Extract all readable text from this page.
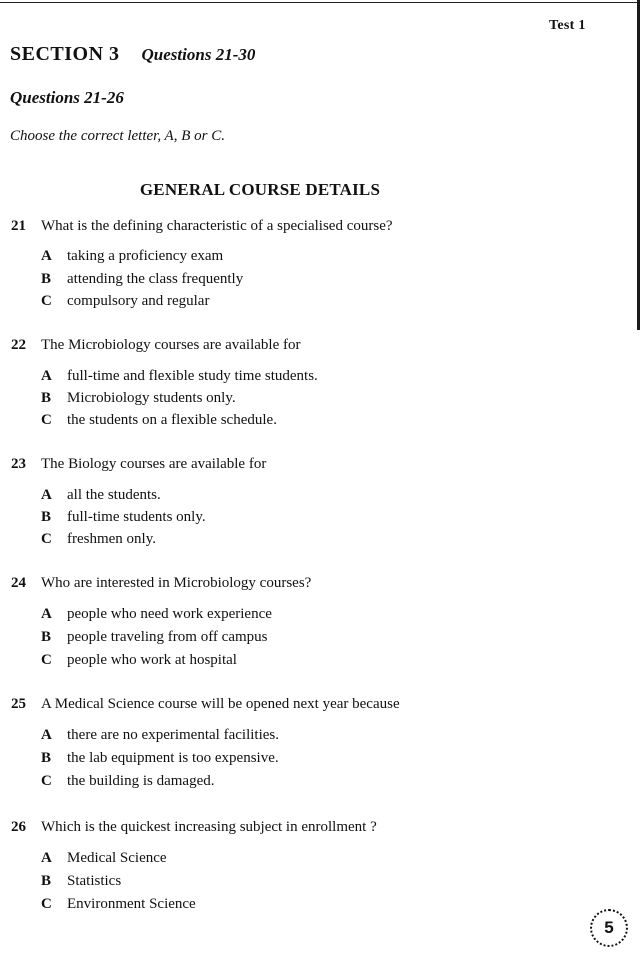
Test 1
SECTION 3 Questions 21-30
Questions 21-26
Choose the correct letter, A, B or C.
GENERAL COURSE DETAILS
21 What is the defining characteristic of a specialised course?
A taking a proficiency exam
B attending the class frequently
C compulsory and regular
22 The Microbiology courses are available for
A full-time and flexible study time students.
B Microbiology students only.
C the students on a flexible schedule.
23 The Biology courses are available for
A all the students.
B full-time students only.
C freshmen only.
24 Who are interested in Microbiology courses?
A people who need work experience
B people traveling from off campus
C people who work at hospital
25 A Medical Science course will be opened next year because
A there are no experimental facilities.
B the lab equipment is too expensive.
C the building is damaged.
26 Which is the quickest increasing subject in enrollment ?
A Medical Science
B Statistics
C Environment Science
5
